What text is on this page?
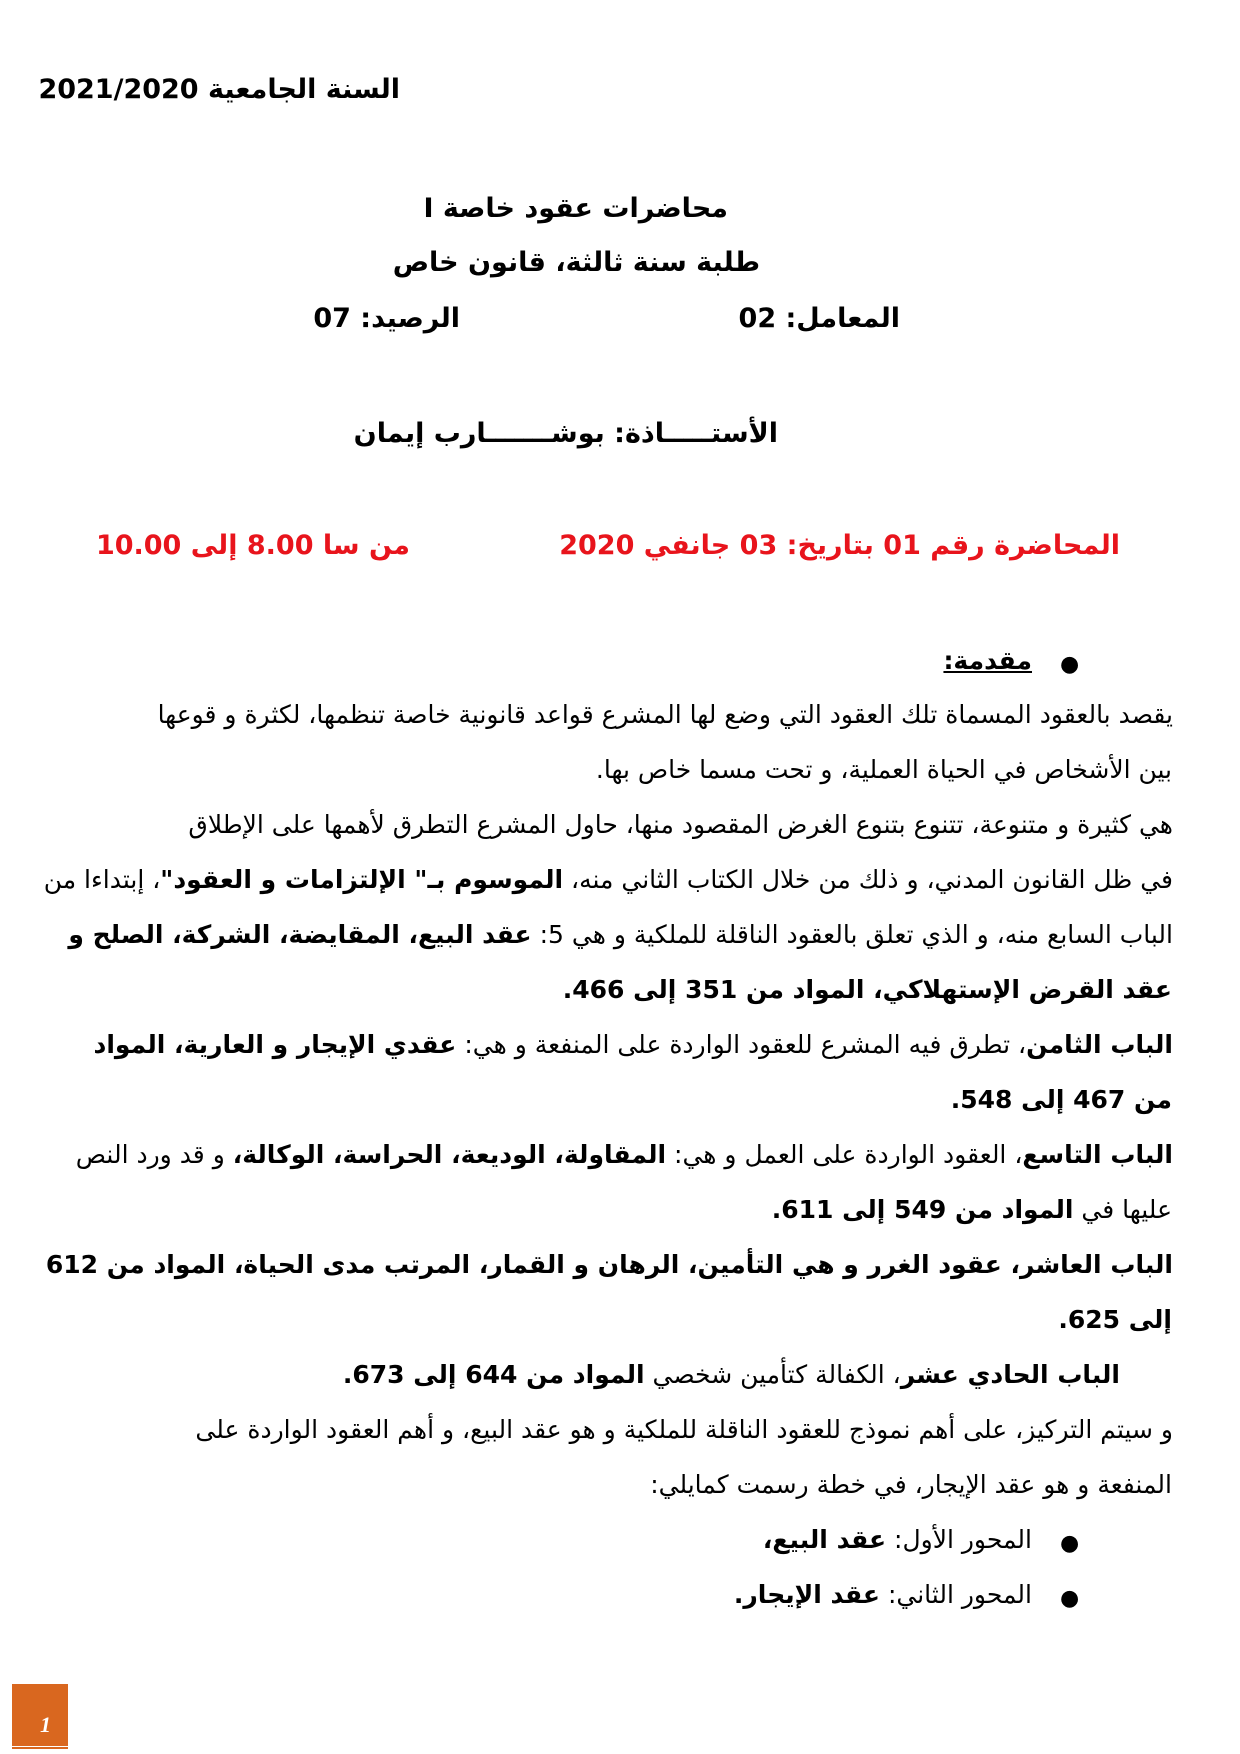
السنة الجامعية 2021/2020
محاضرات عقود خاصة I
طلبة سنة ثالثة، قانون خاص
المعامل: 02
الرصيد: 07
الأستـــــاذة: بوشـــــــارب إيمان
المحاضرة رقم 01 بتاريخ: 03 جانفي 2020
من سا 8.00 إلى 10.00
●
مقدمة:
يقصد بالعقود المسماة تلك العقود التي وضع لها المشرع قواعد قانونية خاصة تنظمها، لكثرة و قوعها
بين الأشخاص في الحياة العملية، و تحت مسما خاص بها.
هي كثيرة و متنوعة، تتنوع بتنوع الغرض المقصود منها، حاول المشرع التطرق لأهمها على الإطلاق
في ظل القانون المدني، و ذلك من خلال الكتاب الثاني منه، الموسوم بـ" الإلتزامات و العقود"، إبتداءا من
الباب السابع منه، و الذي تعلق بالعقود الناقلة للملكية و هي 5: عقد البيع، المقايضة، الشركة، الصلح و
عقد القرض الإستهلاكي، المواد من 351 إلى 466.
الباب الثامن، تطرق فيه المشرع للعقود الواردة على المنفعة و هي: عقدي الإيجار و العارية، المواد
من 467 إلى 548.
الباب التاسع، العقود الواردة على العمل و هي: المقاولة، الوديعة، الحراسة، الوكالة، و قد ورد النص
عليها في المواد من 549 إلى 611.
الباب العاشر، عقود الغرر و هي التأمين، الرهان و القمار، المرتب مدى الحياة، المواد من 612
إلى 625.
الباب الحادي عشر، الكفالة كتأمين شخصي المواد من 644 إلى 673.
و سيتم التركيز، على أهم نموذج للعقود الناقلة للملكية و هو عقد البيع، و أهم العقود الواردة على
المنفعة و هو عقد الإيجار، في خطة رسمت كمايلي:
●
المحور الأول: عقد البيع،
●
المحور الثاني: عقد الإيجار.
1
